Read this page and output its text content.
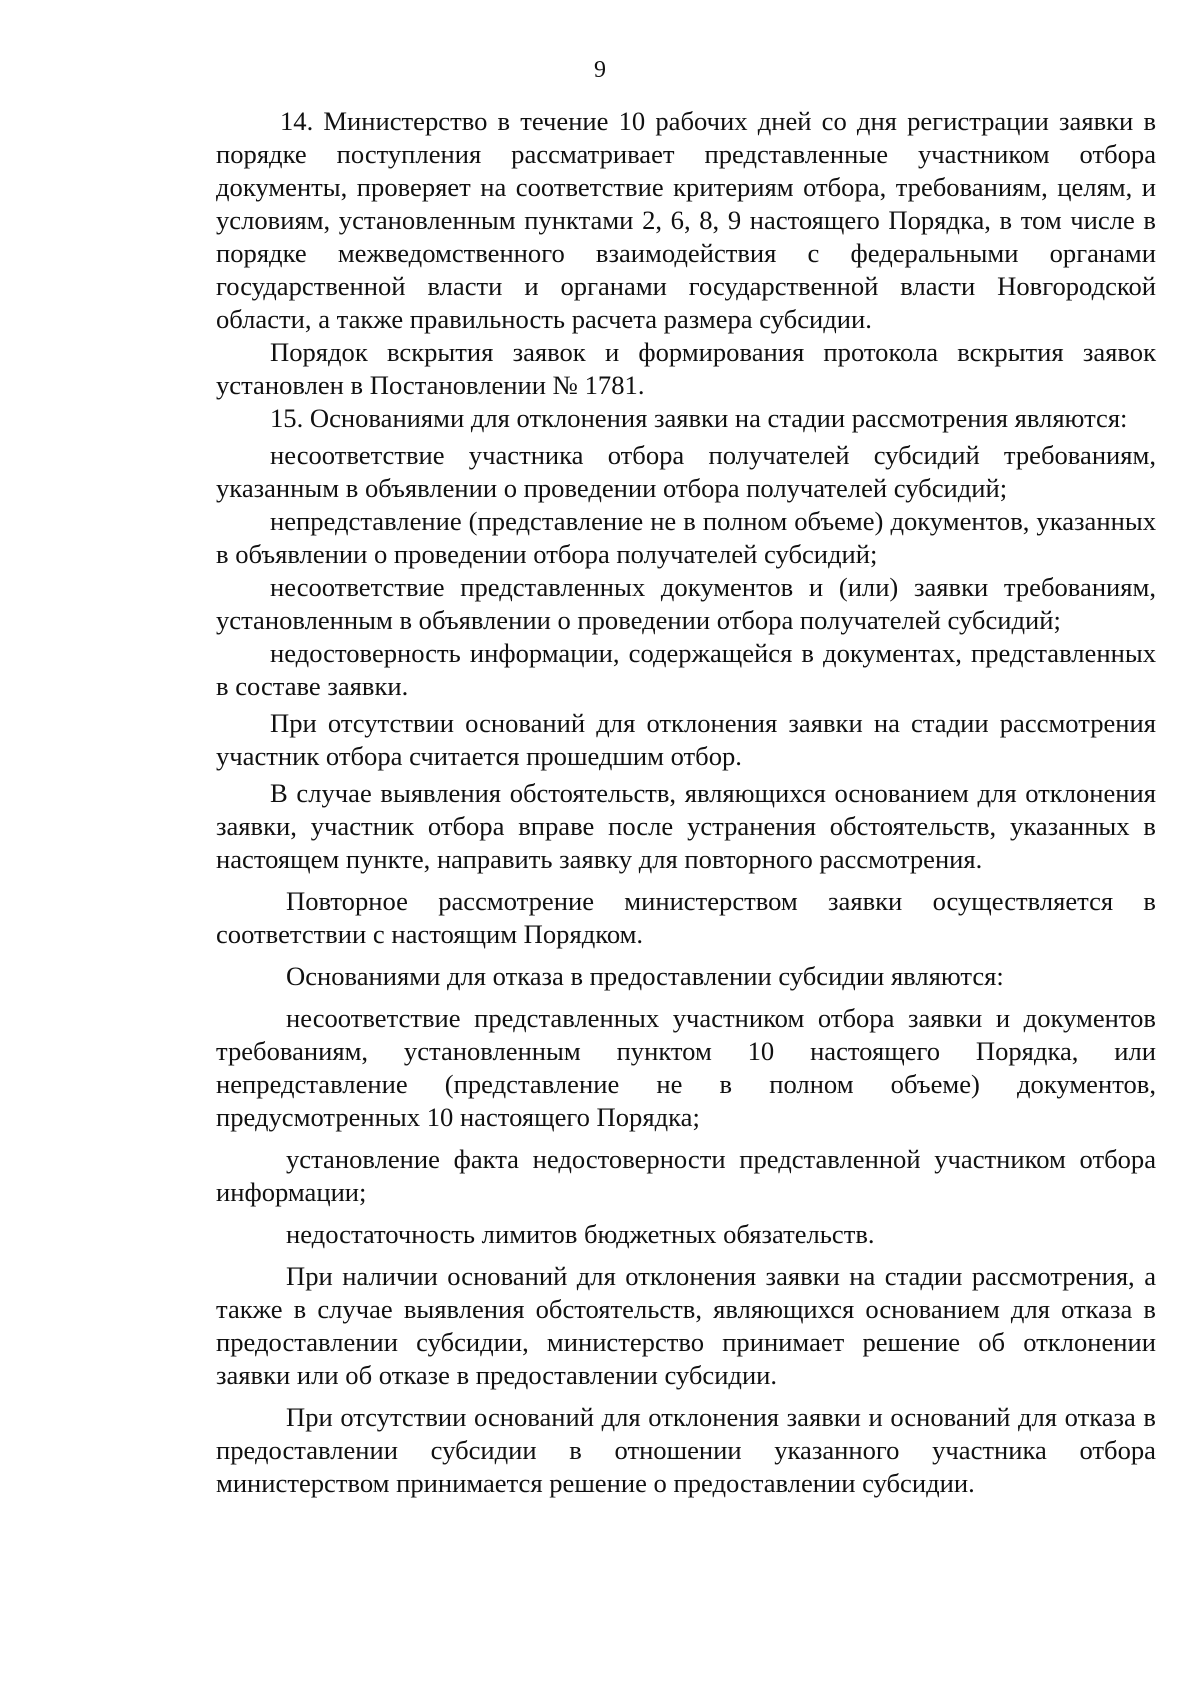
9

14. Министерство в течение 10 рабочих дней со дня регистрации заявки в порядке поступления рассматривает представленные участником отбора документы, проверяет на соответствие критериям отбора, требованиям, целям, и условиям, установленным пунктами 2, 6, 8, 9 настоящего Порядка, в том числе в порядке межведомственного взаимодействия с федеральными органами государственной власти и органами государственной власти Новгородской области, а также правильность расчета размера субсидии.

Порядок вскрытия заявок и формирования протокола вскрытия заявок установлен в Постановлении № 1781.

15. Основаниями для отклонения заявки на стадии рассмотрения являются:

несоответствие участника отбора получателей субсидий требованиям, указанным в объявлении о проведении отбора получателей субсидий;

непредставление (представление не в полном объеме) документов, указанных в объявлении о проведении отбора получателей субсидий;

несоответствие представленных документов и (или) заявки требованиям, установленным в объявлении о проведении отбора получателей субсидий;

недостоверность информации, содержащейся в документах, представленных в составе заявки.

При отсутствии оснований для отклонения заявки на стадии рассмотрения участник отбора считается прошедшим отбор.

В случае выявления обстоятельств, являющихся основанием для отклонения заявки, участник отбора вправе после устранения обстоятельств, указанных в настоящем пункте, направить заявку для повторного рассмотрения.

Повторное рассмотрение министерством заявки осуществляется в соответствии с настоящим Порядком.

Основаниями для отказа в предоставлении субсидии являются:

несоответствие представленных участником отбора заявки и документов требованиям, установленным пунктом 10 настоящего Порядка, или непредставление (представление не в полном объеме) документов, предусмотренных 10 настоящего Порядка;

установление факта недостоверности представленной участником отбора информации;

недостаточность лимитов бюджетных обязательств.

При наличии оснований для отклонения заявки на стадии рассмотрения, а также в случае выявления обстоятельств, являющихся основанием для отказа в предоставлении субсидии, министерство принимает решение об отклонении заявки или об отказе в предоставлении субсидии.

При отсутствии оснований для отклонения заявки и оснований для отказа в предоставлении субсидии в отношении указанного участника отбора министерством принимается решение о предоставлении субсидии.
